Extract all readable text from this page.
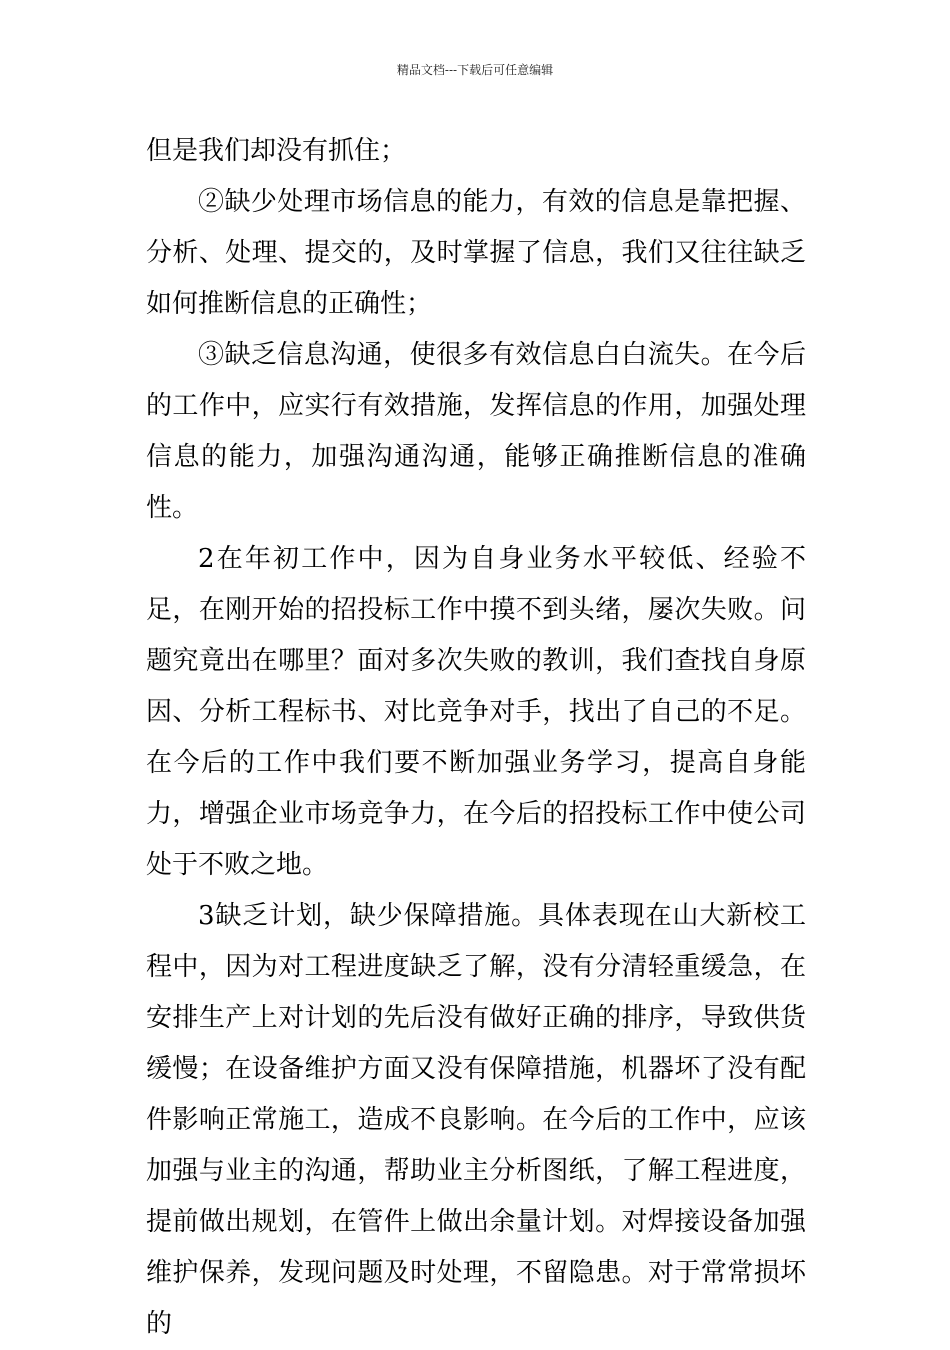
精品文档---下载后可任意编辑

但是我们却没有抓住；

②缺少处理市场信息的能力，有效的信息是靠把握、分析、处理、提交的，及时掌握了信息，我们又往往缺乏如何推断信息的正确性；

③缺乏信息沟通，使很多有效信息白白流失。在今后的工作中，应实行有效措施，发挥信息的作用，加强处理信息的能力，加强沟通沟通，能够正确推断信息的准确性。

2在年初工作中，因为自身业务水平较低、经验不足，在刚开始的招投标工作中摸不到头绪，屡次失败。问题究竟出在哪里？面对多次失败的教训，我们查找自身原因、分析工程标书、对比竞争对手，找出了自己的不足。在今后的工作中我们要不断加强业务学习，提高自身能力，增强企业市场竞争力，在今后的招投标工作中使公司处于不败之地。

3缺乏计划，缺少保障措施。具体表现在山大新校工程中，因为对工程进度缺乏了解，没有分清轻重缓急，在安排生产上对计划的先后没有做好正确的排序，导致供货缓慢；在设备维护方面又没有保障措施，机器坏了没有配件影响正常施工，造成不良影响。在今后的工作中，应该加强与业主的沟通，帮助业主分析图纸，了解工程进度，提前做出规划，在管件上做出余量计划。对焊接设备加强维护保养，发现问题及时处理，不留隐患。对于常常损坏的
